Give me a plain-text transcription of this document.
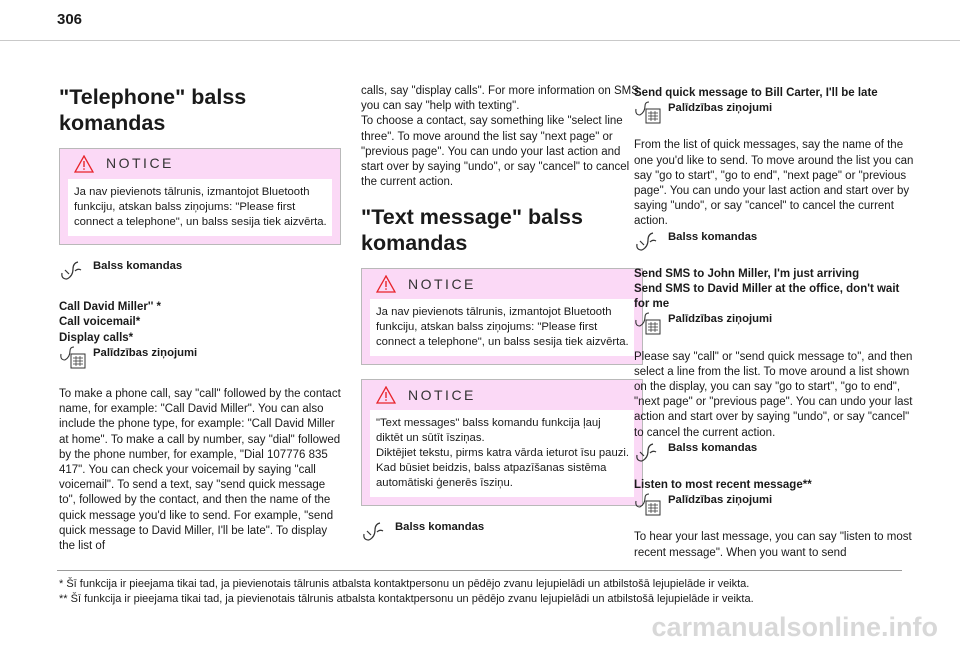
306
"Telephone" balss komandas
NOTICE
Ja nav pievienots tālrunis, izmantojot Bluetooth funkciju, atskan balss ziņojums: "Please first connect a telephone", un balss sesija tiek aizvērta.
Balss komandas

Call David Miller'' *

Call voicemail*

Display calls*

Palīdzības ziņojumi

To make a phone call, say "call" followed by the contact name, for example: "Call David Miller". You can also include the phone type, for example: "Call David Miller at home". To make a call by number, say "dial" followed by the phone number, for example, "Dial 107776 835 417". You can check your voicemail by saying "call voicemail". To send a text, say "send quick message to", followed by the contact, and then the name of the quick message you'd like to send. For example, "send quick message to David Miller, I'll be late". To display the list of

calls, say "display calls". For more information on SMS, you can say "help with texting".

To choose a contact, say something like "select line three". To move around the list say "next page" or "previous page". You can undo your last action and start over by saying "undo", or say "cancel" to cancel the current action.

"Text message" balss komandas
NOTICE
Ja nav pievienots tālrunis, izmantojot Bluetooth funkciju, atskan balss ziņojums: "Please first connect a telephone", un balss sesija tiek aizvērta.
NOTICE

"Text messages" balss komandu funkcija ļauj diktēt un sūtīt īsziņas.

Diktējiet tekstu, pirms katra vārda ieturot īsu pauzi.

Kad būsiet beidzis, balss atpazīšanas sistēma automātiski ģenerēs īsziņu.

Balss komandas

Send quick message to Bill Carter, I'll be late

Palīdzības ziņojumi

From the list of quick messages, say the name of the one you'd like to send. To move around the list you can say "go to start", "go to end", "next page" or "previous page". You can undo your last action and start over by saying "undo", or say "cancel" to cancel the current action.

Balss komandas

Send SMS to John Miller, I'm just arriving

Send SMS to David Miller at the office, don't wait for me

Palīdzības ziņojumi

Please say "call" or "send quick message to", and then select a line from the list. To move around a list shown on the display, you can say "go to start", "go to end", "next page" or "previous page". You can undo your last action and start over by saying "undo", or say "cancel" to cancel the current action.

Balss komandas

Listen to most recent message**

Palīdzības ziņojumi

To hear your last message, you can say "listen to most recent message". When you want to send

* Šī funkcija ir pieejama tikai tad, ja pievienotais tālrunis atbalsta kontaktpersonu un pēdējo zvanu lejupielādi un atbilstošā lejupielāde ir veikta.
** Šī funkcija ir pieejama tikai tad, ja pievienotais tālrunis atbalsta kontaktpersonu un pēdējo zvanu lejupielādi un atbilstošā lejupielāde ir veikta.
carmanualsonline.info
